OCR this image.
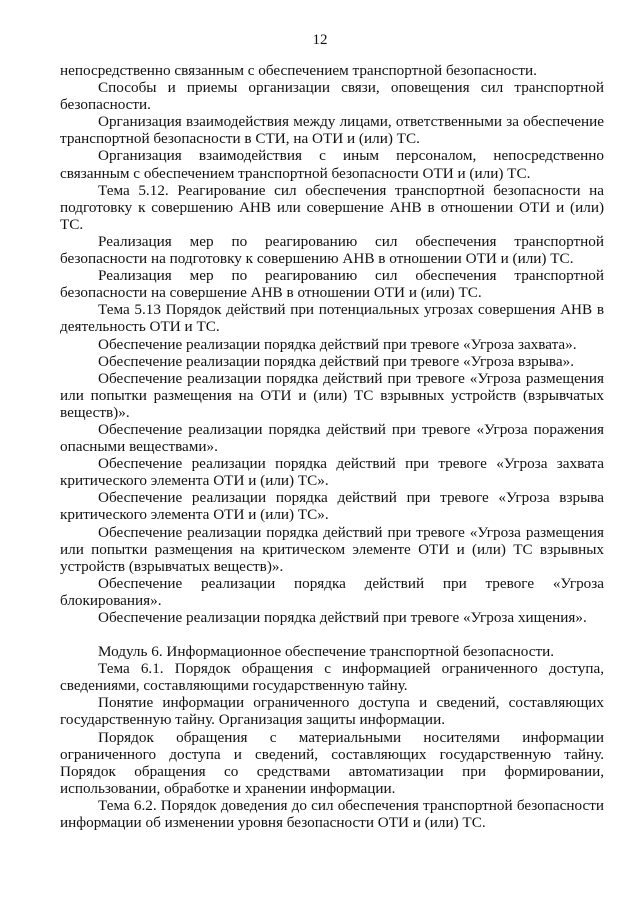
12

непосредственно связанным с обеспечением транспортной безопасности.

Способы и приемы организации связи, оповещения сил транспортной безопасности.

Организация взаимодействия между лицами, ответственными за обеспечение транспортной безопасности в СТИ, на ОТИ и (или) ТС.

Организация взаимодействия с иным персоналом, непосредственно связанным с обеспечением транспортной безопасности ОТИ и (или) ТС.

Тема 5.12. Реагирование сил обеспечения транспортной безопасности на подготовку к совершению АНВ или совершение АНВ в отношении ОТИ и (или) ТС.

Реализация мер по реагированию сил обеспечения транспортной безопасности на подготовку к совершению АНВ в отношении ОТИ и (или) ТС.

Реализация мер по реагированию сил обеспечения транспортной безопасности на совершение АНВ в отношении ОТИ и (или) ТС.

Тема 5.13 Порядок действий при потенциальных угрозах совершения АНВ в деятельность ОТИ и ТС.

Обеспечение реализации порядка действий при тревоге «Угроза захвата».

Обеспечение реализации порядка действий при тревоге «Угроза взрыва».

Обеспечение реализации порядка действий при тревоге «Угроза размещения или попытки размещения на ОТИ и (или) ТС взрывных устройств (взрывчатых веществ)».

Обеспечение реализации порядка действий при тревоге «Угроза поражения опасными веществами».

Обеспечение реализации порядка действий при тревоге «Угроза захвата критического элемента ОТИ и (или) ТС».

Обеспечение реализации порядка действий при тревоге «Угроза взрыва критического элемента ОТИ и (или) ТС».

Обеспечение реализации порядка действий при тревоге «Угроза размещения или попытки размещения на критическом элементе ОТИ и (или) ТС взрывных устройств (взрывчатых веществ)».

Обеспечение реализации порядка действий при тревоге «Угроза блокирования».

Обеспечение реализации порядка действий при тревоге «Угроза хищения».

Модуль 6. Информационное обеспечение транспортной безопасности.

Тема 6.1. Порядок обращения с информацией ограниченного доступа, сведениями, составляющими государственную тайну.

Понятие информации ограниченного доступа и сведений, составляющих государственную тайну. Организация защиты информации.

Порядок обращения с материальными носителями информации ограниченного доступа и сведений, составляющих государственную тайну. Порядок обращения со средствами автоматизации при формировании, использовании, обработке и хранении информации.

Тема 6.2. Порядок доведения до сил обеспечения транспортной безопасности информации об изменении уровня безопасности ОТИ и (или) ТС.
